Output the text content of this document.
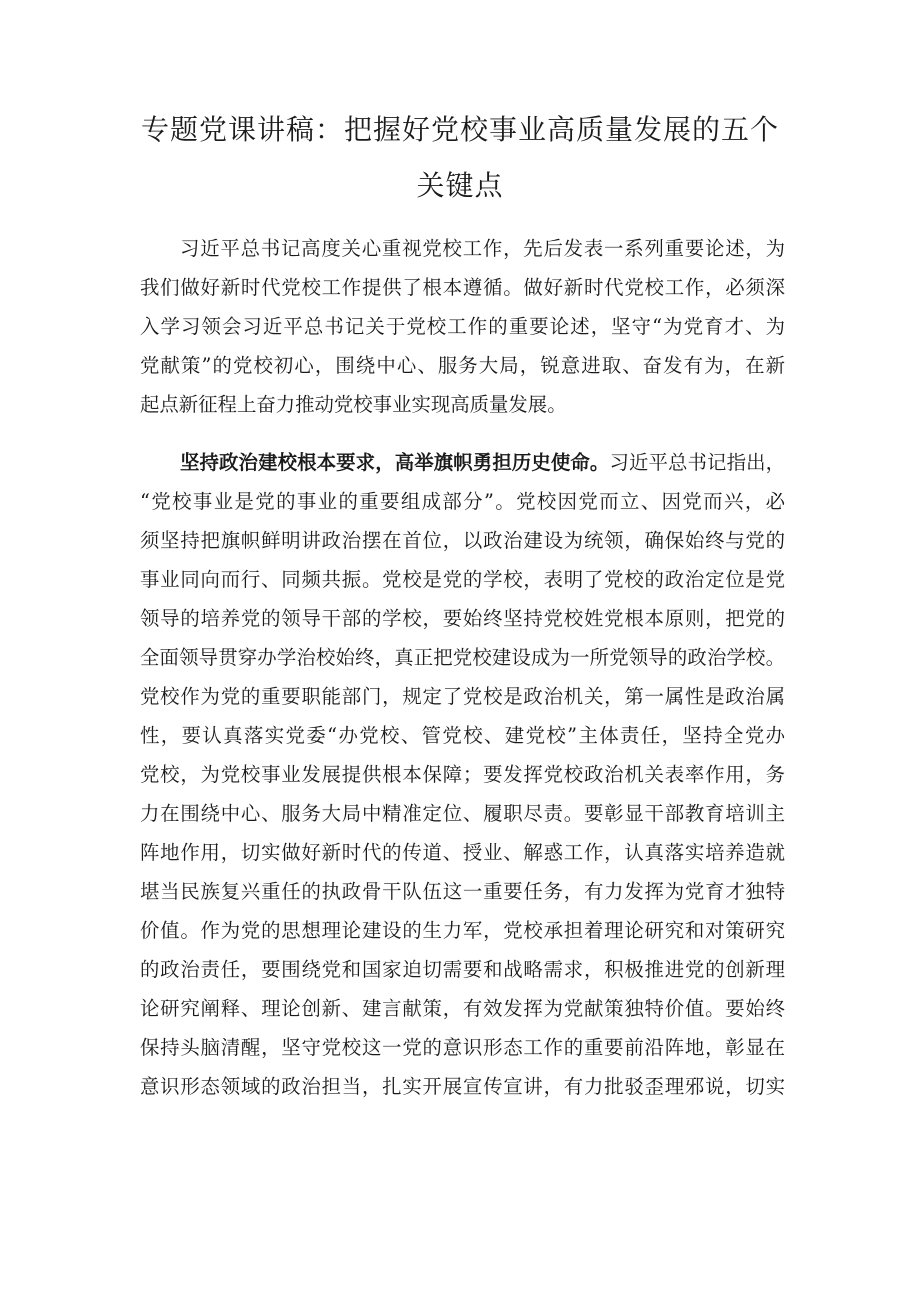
专题党课讲稿：把握好党校事业高质量发展的五个
关键点
习近平总书记高度关心重视党校工作，先后发表一系列重要论述，为
我们做好新时代党校工作提供了根本遵循。做好新时代党校工作，必须深
入学习领会习近平总书记关于党校工作的重要论述，坚守“为党育才、为
党献策”的党校初心，围绕中心、服务大局，锐意进取、奋发有为，在新
起点新征程上奋力推动党校事业实现高质量发展。
坚持政治建校根本要求，高举旗帜勇担历史使命。习近平总书记指出，
“党校事业是党的事业的重要组成部分”。党校因党而立、因党而兴，必
须坚持把旗帜鲜明讲政治摆在首位，以政治建设为统领，确保始终与党的
事业同向而行、同频共振。党校是党的学校，表明了党校的政治定位是党
领导的培养党的领导干部的学校，要始终坚持党校姓党根本原则，把党的
全面领导贯穿办学治校始终，真正把党校建设成为一所党领导的政治学校。
党校作为党的重要职能部门，规定了党校是政治机关，第一属性是政治属
性，要认真落实党委“办党校、管党校、建党校”主体责任，坚持全党办
党校，为党校事业发展提供根本保障；要发挥党校政治机关表率作用，务
力在围绕中心、服务大局中精准定位、履职尽责。要彰显干部教育培训主
阵地作用，切实做好新时代的传道、授业、解惑工作，认真落实培养造就
堪当民族复兴重任的执政骨干队伍这一重要任务，有力发挥为党育才独特
价值。作为党的思想理论建设的生力军，党校承担着理论研究和对策研究
的政治责任，要围绕党和国家迫切需要和战略需求，积极推进党的创新理
论研究阐释、理论创新、建言献策，有效发挥为党献策独特价值。要始终
保持头脑清醒，坚守党校这一党的意识形态工作的重要前沿阵地，彰显在
意识形态领域的政治担当，扎实开展宣传宣讲，有力批驳歪理邪说，切实
